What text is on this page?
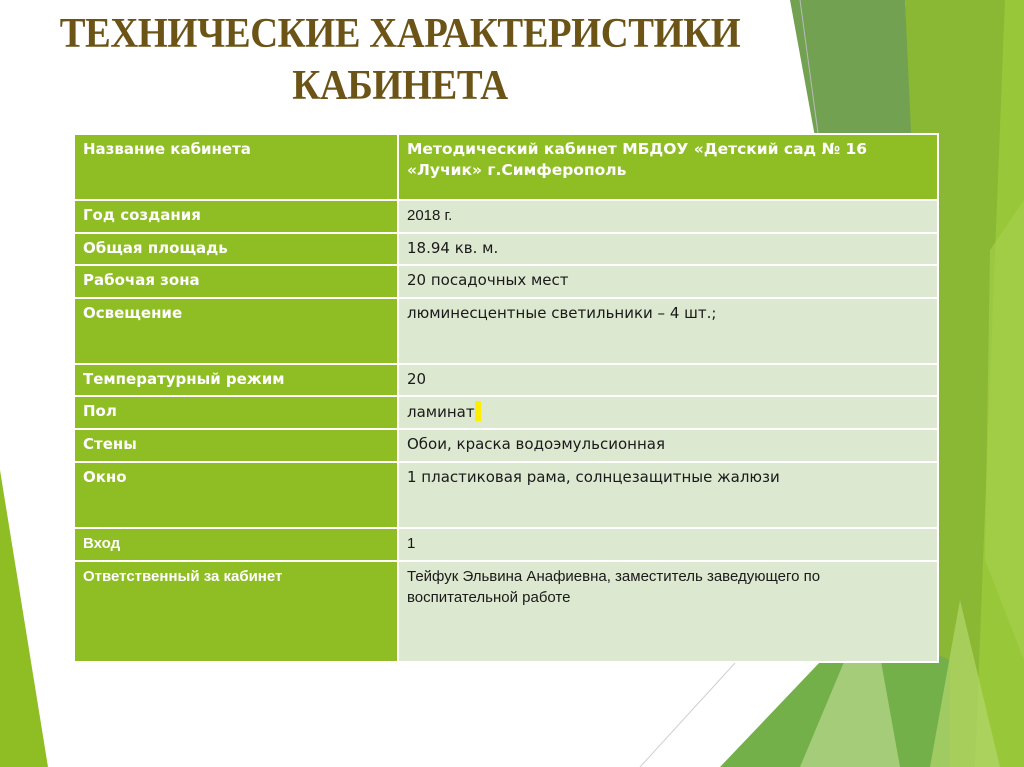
ТЕХНИЧЕСКИЕ ХАРАКТЕРИСТИКИ
КАБИНЕТА
Название кабинета	Методический кабинет МБДОУ «Детский сад № 16 «Лучик» г.Симферополь
Год создания	2018 г.
Общая площадь	18.94 кв. м.
Рабочая зона	20 посадочных мест
Освещение	люминесцентные светильники – 4 шт.;
Температурный режим	20
Пол	ламинат
Стены	Обои, краска водоэмульсионная
Окно	1 пластиковая рама, солнцезащитные жалюзи
Вход	1
Ответственный за кабинет	Тейфук Эльвина Анафиевна, заместитель заведующего по воспитательной работе
